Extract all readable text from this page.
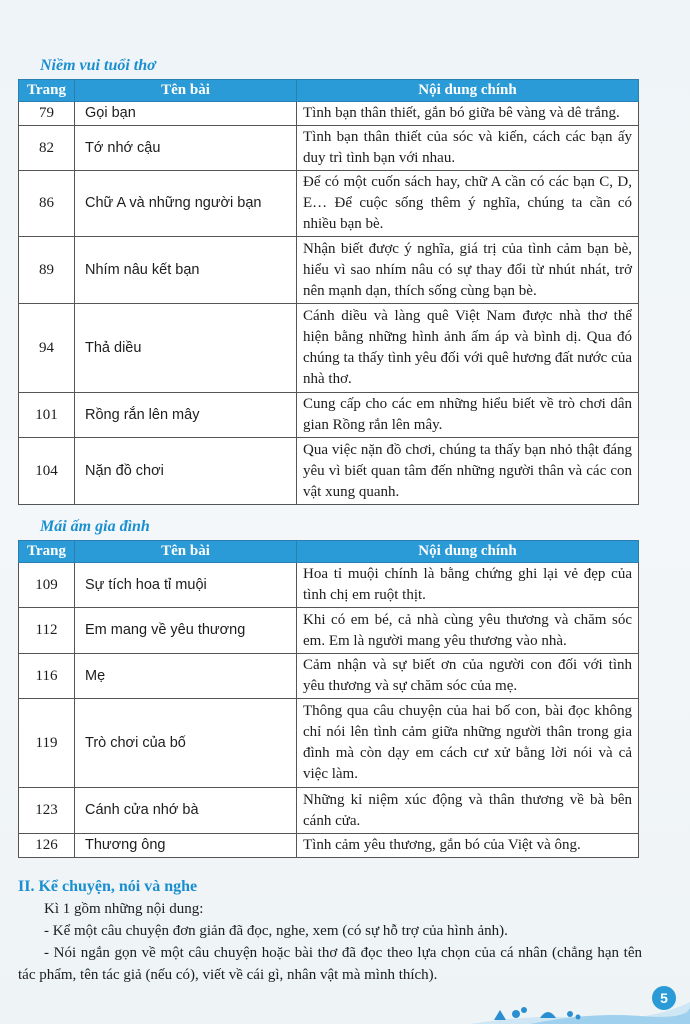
Niềm vui tuổi thơ
Trang	Tên bài	Nội dung chính
79	Gọi bạn	Tình bạn thân thiết, gắn bó giữa bê vàng và dê trắng.
82	Tớ nhớ cậu	Tình bạn thân thiết của sóc và kiến, cách các bạn ấy duy trì tình bạn với nhau.
86	Chữ A và những người bạn	Để có một cuốn sách hay, chữ A cần có các bạn C, D, E… Để cuộc sống thêm ý nghĩa, chúng ta cần có nhiều bạn bè.
89	Nhím nâu kết bạn	Nhận biết được ý nghĩa, giá trị của tình cảm bạn bè, hiểu vì sao nhím nâu có sự thay đổi từ nhút nhát, trở nên mạnh dạn, thích sống cùng bạn bè.
94	Thả diều	Cánh diều và làng quê Việt Nam được nhà thơ thể hiện bằng những hình ảnh ấm áp và bình dị. Qua đó chúng ta thấy tình yêu đối với quê hương đất nước của nhà thơ.
101	Rồng rắn lên mây	Cung cấp cho các em những hiểu biết về trò chơi dân gian Rồng rắn lên mây.
104	Nặn đồ chơi	Qua việc nặn đồ chơi, chúng ta thấy bạn nhỏ thật đáng yêu vì biết quan tâm đến những người thân và các con vật xung quanh.
Mái ấm gia đình
Trang	Tên bài	Nội dung chính
109	Sự tích hoa tỉ muội	Hoa tỉ muội chính là bằng chứng ghi lại vẻ đẹp của tình chị em ruột thịt.
112	Em mang về yêu thương	Khi có em bé, cả nhà cùng yêu thương và chăm sóc em. Em là người mang yêu thương vào nhà.
116	Mẹ	Cảm nhận và sự biết ơn của người con đối với tình yêu thương và sự chăm sóc của mẹ.
119	Trò chơi của bố	Thông qua câu chuyện của hai bố con, bài đọc không chỉ nói lên tình cảm giữa những người thân trong gia đình mà còn dạy em cách cư xử bằng lời nói và cả việc làm.
123	Cánh cửa nhớ bà	Những kỉ niệm xúc động và thân thương về bà bên cánh cửa.
126	Thương ông	Tình cảm yêu thương, gắn bó của Việt và ông.
II. Kể chuyện, nói và nghe
Kì 1 gồm những nội dung:
- Kể một câu chuyện đơn giản đã đọc, nghe, xem (có sự hỗ trợ của hình ảnh).
- Nói ngắn gọn về một câu chuyện hoặc bài thơ đã đọc theo lựa chọn của cá nhân (chẳng hạn tên tác phẩm, tên tác giả (nếu có), viết về cái gì, nhân vật mà mình thích).
5
